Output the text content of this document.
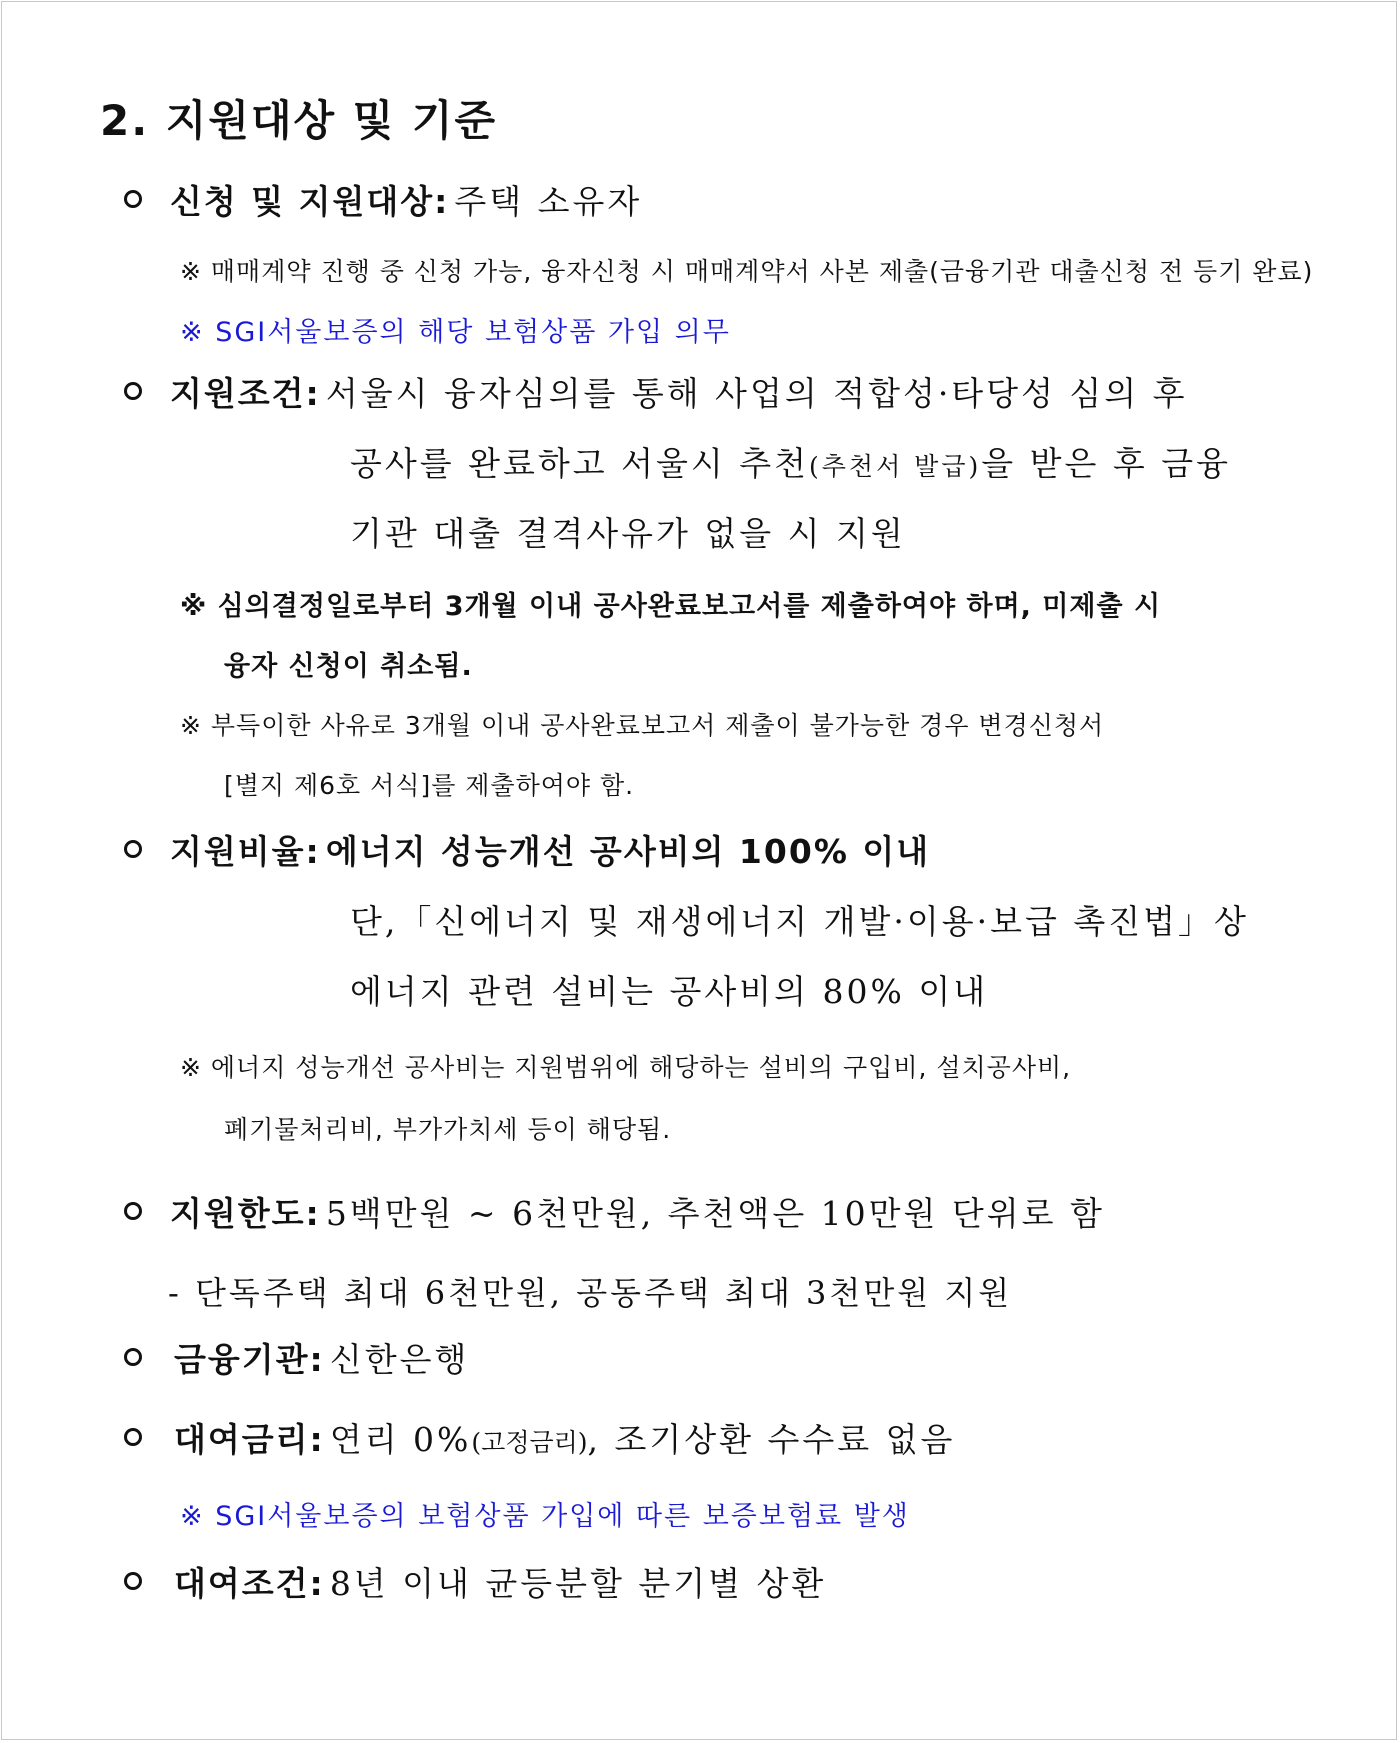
2. 지원대상 및 기준
신청 및 지원대상: 주택 소유자
※ 매매계약 진행 중 신청 가능, 융자신청 시 매매계약서 사본 제출(금융기관 대출신청 전 등기 완료)
※ SGI서울보증의 해당 보험상품 가입 의무
지원조건: 서울시 융자심의를 통해 사업의 적합성·타당성 심의 후
공사를 완료하고 서울시 추천(추천서 발급)을 받은 후 금융
기관 대출 결격사유가 없을 시 지원
※ 심의결정일로부터 3개월 이내 공사완료보고서를 제출하여야 하며, 미제출 시
융자 신청이 취소됨.
※ 부득이한 사유로 3개월 이내 공사완료보고서 제출이 불가능한 경우 변경신청서
[별지 제6호 서식]를 제출하여야 함.
지원비율: 에너지 성능개선 공사비의 100% 이내
단,「신에너지 및 재생에너지 개발·이용·보급 촉진법」상
에너지 관련 설비는 공사비의 80% 이내
※ 에너지 성능개선 공사비는 지원범위에 해당하는 설비의 구입비, 설치공사비,
폐기물처리비, 부가가치세 등이 해당됨.
지원한도: 5백만원 ~ 6천만원, 추천액은 10만원 단위로 함
- 단독주택 최대 6천만원, 공동주택 최대 3천만원 지원
금융기관: 신한은행
대여금리: 연리 0%(고정금리), 조기상환 수수료 없음
※ SGI서울보증의 보험상품 가입에 따른 보증보험료 발생
대여조건: 8년 이내 균등분할 분기별 상환
